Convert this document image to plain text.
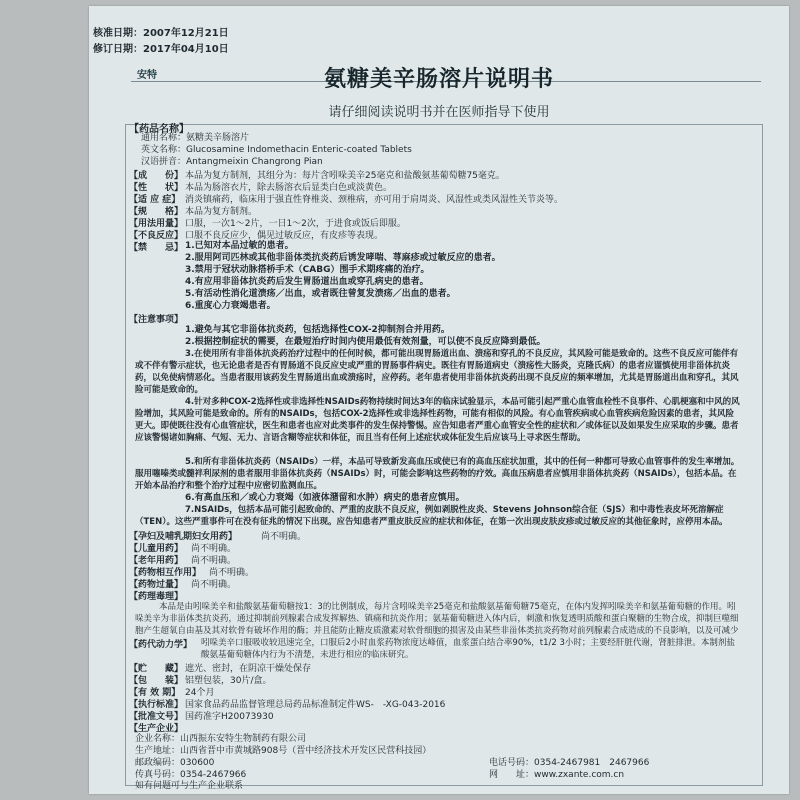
核准日期：2007年12月21日
修订日期：2017年04月10日
安特	氨糖美辛肠溶片说明书
请仔细阅读说明书并在医师指导下使用
【药品名称】
通用名称：氨糖美辛肠溶片
英文名称：Glucosamine Indomethacin Enteric-coated Tablets
汉语拼音：Antangmeixin Changrong Pian
【成　　份】 本品为复方制剂，其组分为：每片含吲哚美辛25毫克和盐酸氨基葡萄糖75毫克。
【性　　状】 本品为肠溶衣片，除去肠溶衣后显类白色或淡黄色。
【适 应 症】 消炎镇痛药，临床用于强直性脊椎炎、颈椎病，亦可用于肩周炎、风湿性或类风湿性关节炎等。
【规　　格】 本品为复方制剂。
【用法用量】 口服，一次1～2片，一日1～2次，于进食或饭后即服。
【不良反应】 口服不良反应少，偶见过敏反应，有皮疹等表现。
【禁　　忌】 1.已知对本品过敏的患者。
2.服用阿司匹林或其他非甾体类抗炎药后诱发哮喘、荨麻疹或过敏反应的患者。
3.禁用于冠状动脉搭桥手术（CABG）围手术期疼痛的治疗。
4.有应用非甾体抗炎药后发生胃肠道出血或穿孔病史的患者。
5.有活动性消化道溃疡／出血，或者既往曾复发溃疡／出血的患者。
6.重度心力衰竭患者。
【注意事项】
1.避免与其它非甾体抗炎药，包括选择性COX-2抑制剂合并用药。
2.根据控制症状的需要，在最短治疗时间内使用最低有效剂量，可以使不良反应降到最低。
3.在使用所有非甾体抗炎药治疗过程中的任何时候，都可能出现胃肠道出血、溃疡和穿孔的不良反应，其风险可能是致命的。这些不良反应可能伴有或不伴有警示症状，也无论患者是否有胃肠道不良反应史或严重的胃肠事件病史。既往有胃肠道病史（溃疡性大肠炎，克隆氏病）的患者应谨慎使用非甾体抗炎药，以免使病情恶化。当患者服用该药发生胃肠道出血或溃疡时，应停药。老年患者使用非甾体抗炎药出现不良反应的频率增加，尤其是胃肠道出血和穿孔，其风险可能是致命的。
4.针对多种COX-2选择性或非选择性NSAIDs药物持续时间达3年的临床试验显示，本品可能引起严重心血管血栓性不良事件、心肌梗塞和中风的风险增加，其风险可能是致命的。所有的NSAIDs，包括COX-2选择性或非选择性药物，可能有相似的风险。有心血管疾病或心血管疾病危险因素的患者，其风险更大。即使既往没有心血管症状，医生和患者也应对此类事件的发生保持警惕。应告知患者严重心血管安全性的症状和／或体征以及如果发生应采取的步骤。患者应该警惕诸如胸痛、气短、无力、言语含糊等症状和体征，而且当有任何上述症状或体征发生后应该马上寻求医生帮助。
5.和所有非甾体抗炎药（NSAIDs）一样，本品可导致新发高血压或使已有的高血压症状加重，其中的任何一种都可导致心血管事件的发生率增加。服用噻嗪类或髓袢利尿剂的患者服用非甾体抗炎药（NSAIDs）时，可能会影响这些药物的疗效。高血压病患者应慎用非甾体抗炎药（NSAIDs），包括本品。在开始本品治疗和整个治疗过程中应密切监测血压。
6.有高血压和／或心力衰竭（如液体潴留和水肿）病史的患者应慎用。
7.NSAIDs，包括本品可能引起致命的、严重的皮肤不良反应，例如剥脱性皮炎、Stevens Johnson综合征（SJS）和中毒性表皮坏死溶解症（TEN）。这些严重事件可在没有征兆的情况下出现。应告知患者严重皮肤反应的症状和体征，在第一次出现皮肤皮疹或过敏反应的其他征象时，应停用本品。
【孕妇及哺乳期妇女用药】	尚不明确。
【儿童用药】 尚不明确。
【老年用药】 尚不明确。
【药物相互作用】 尚不明确。
【药物过量】 尚不明确。
【药理毒理】
本品是由吲哚美辛和盐酸氨基葡萄糖按1：3的比例制成，每片含吲哚美辛25毫克和盐酸氨基葡萄糖75毫克，在体内发挥吲哚美辛和氨基葡萄糖的作用。吲哚美辛为非甾体类抗炎药，通过抑制前列腺素合成发挥解热、镇痛和抗炎作用；氨基葡萄糖进入体内后，刺激和恢复透明质酸和蛋白聚糖的生物合成，抑制巨噬细胞产生超氧自由基及其对软骨有破坏作用的酶；并且能防止糖皮质激素对软骨细胞的损害及由某些非甾体类抗炎药物对前列腺素合成造成的不良影响，以及可减少
【药代动力学】 吲哚美辛口服吸收较迅速完全，口服后2小时血浆药物浓度达峰值，血浆蛋白结合率90%，t1/2 3小时；主要经肝脏代谢，肾脏排泄。本制剂盐酸氨基葡萄糖体内行为不清楚，未进行相应的临床研究。
【贮　　藏】 遮光、密封，在阴凉干燥处保存
【包　　装】 铝塑包装，30片/盒。
【有 效 期】 24个月
【执行标准】 国家食品药品监督管理总局药品标准制定件WS-　-XG-043-2016
【批准文号】 国药准字H20073930
【生产企业】
企业名称：山西振东安特生物制药有限公司
生产地址：山西省晋中市黄城路908号（晋中经济技术开发区民营科技园）
邮政编码：030600	电话号码：0354-2467981　2467966
传真号码：0354-2467966	网　　址：www.zxante.com.cn
如有问题可与生产企业联系
